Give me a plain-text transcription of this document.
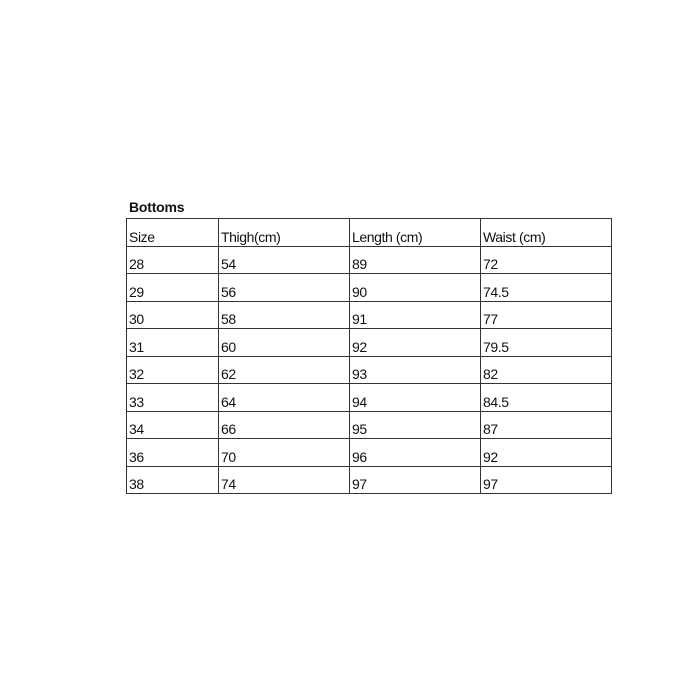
Bottoms
Size	Thigh(cm)	Length (cm)	Waist (cm)
28	54	89	72
29	56	90	74.5
30	58	91	77
31	60	92	79.5
32	62	93	82
33	64	94	84.5
34	66	95	87
36	70	96	92
38	74	97	97
